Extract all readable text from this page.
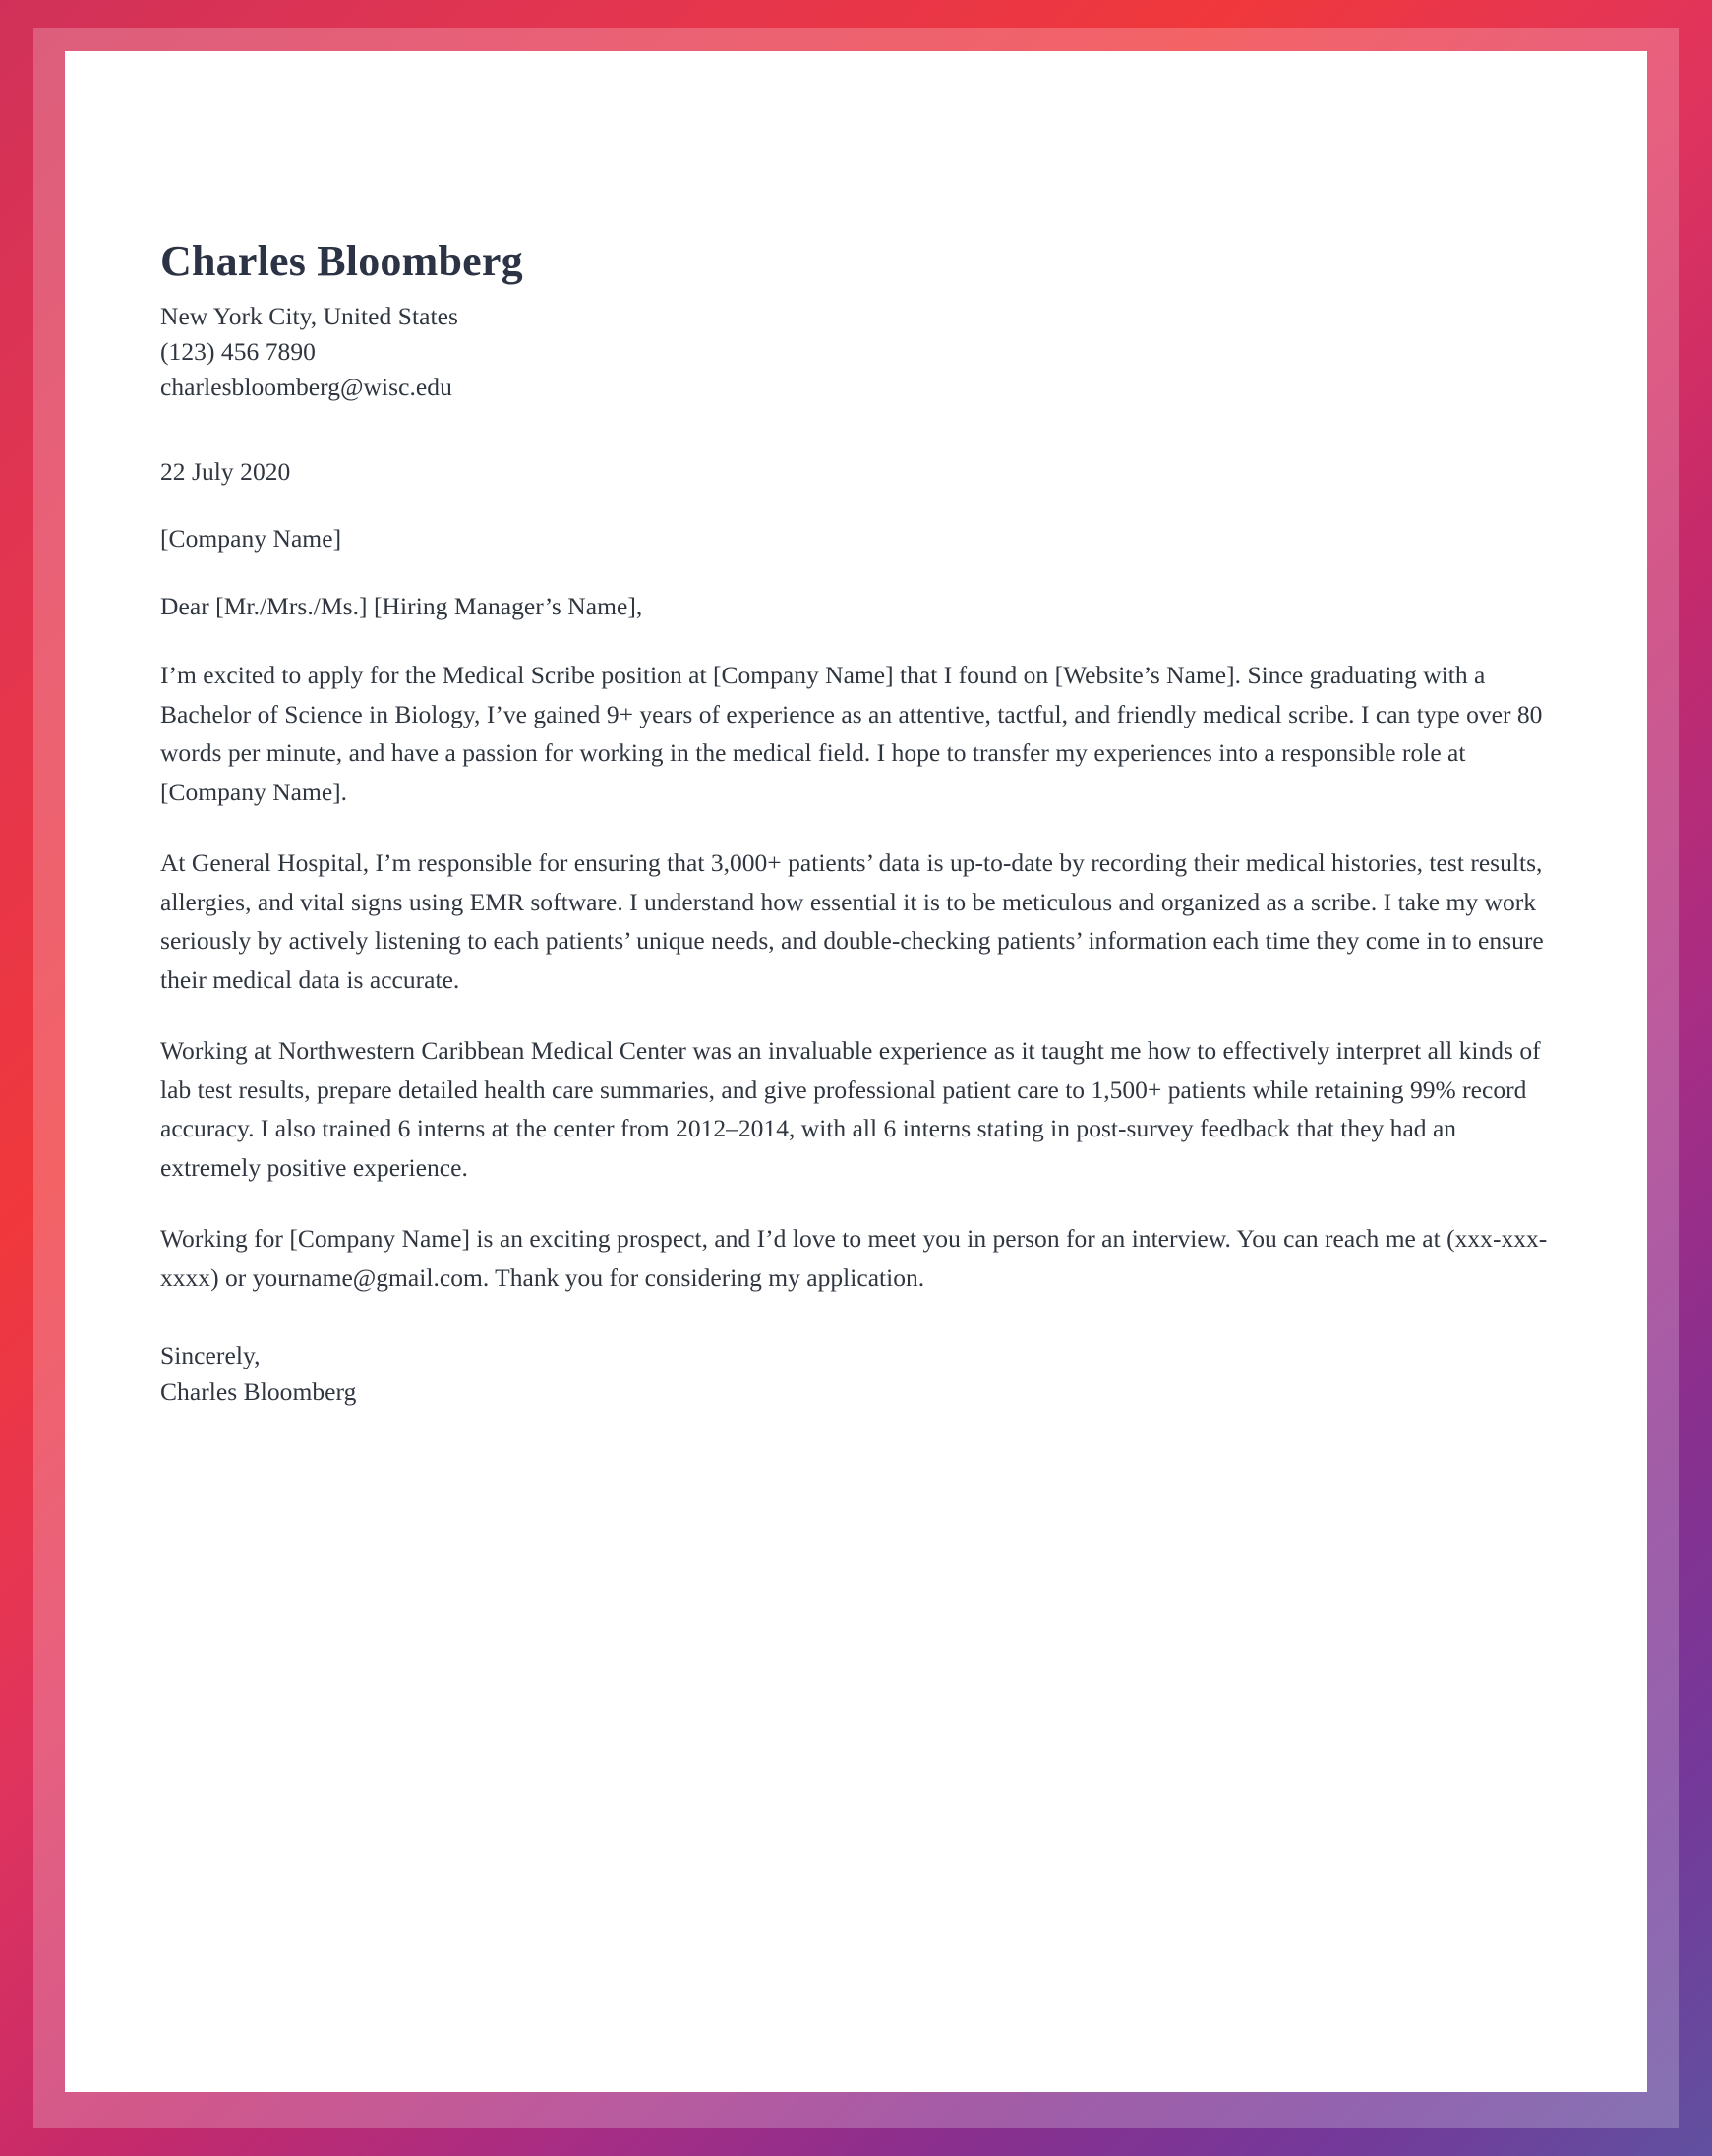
Charles Bloomberg

New York City, United States

(123) 456 7890

charlesbloomberg@wisc.edu

22 July 2020

[Company Name]

Dear [Mr./Mrs./Ms.] [Hiring Manager’s Name],

I’m excited to apply for the Medical Scribe position at [Company Name] that I found on [Website’s Name]. Since graduating with a Bachelor of Science in Biology, I’ve gained 9+ years of experience as an attentive, tactful, and friendly medical scribe. I can type over 80 words per minute, and have a passion for working in the medical field. I hope to transfer my experiences into a responsible role at [Company Name].

At General Hospital, I’m responsible for ensuring that 3,000+ patients’ data is up-to-date by recording their medical histories, test results, allergies, and vital signs using EMR software. I understand how essential it is to be meticulous and organized as a scribe. I take my work seriously by actively listening to each patients’ unique needs, and double-checking patients’ information each time they come in to ensure their medical data is accurate.

Working at Northwestern Caribbean Medical Center was an invaluable experience as it taught me how to effectively interpret all kinds of lab test results, prepare detailed health care summaries, and give professional patient care to 1,500+ patients while retaining 99% record accuracy. I also trained 6 interns at the center from 2012–2014, with all 6 interns stating in post-survey feedback that they had an extremely positive experience.

Working for [Company Name] is an exciting prospect, and I’d love to meet you in person for an interview. You can reach me at (xxx-xxx-xxxx) or yourname@gmail.com. Thank you for considering my application.

Sincerely,

Charles Bloomberg
